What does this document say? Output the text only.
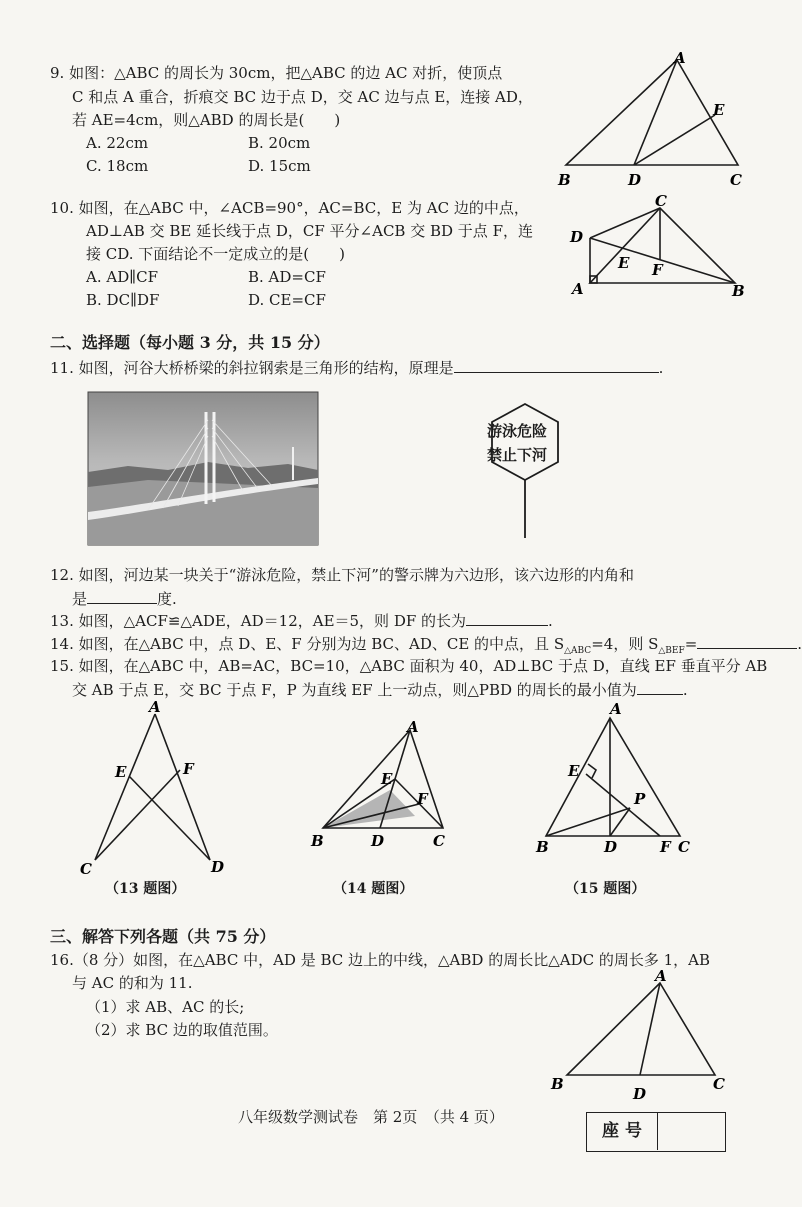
9. 如图：△ABC 的周长为 30cm，把△ABC 的边 AC 对折，使顶点
C 和点 A 重合，折痕交 BC 边于点 D，交 AC 边与点 E，连接 AD，
若 AE=4cm，则△ABD 的周长是(　　)
A. 22cm	B. 20cm
C. 18cm	D. 15cm
A
B	D	C
E
10. 如图，在△ABC 中，∠ACB=90°，AC=BC，E 为 AC 边的中点，
AD⊥AB 交 BE 延长线于点 D，CF 平分∠ACB 交 BD 于点 F，连
接 CD. 下面结论不一定成立的是(　　)
A. AD∥CF	B. AD=CF
B. DC∥DF	D. CE=CF
C
D
E F
A	B
二、选择题（每小题 3 分，共 15 分）
11. 如图，河谷大桥桥梁的斜拉钢索是三角形的结构，原理是	.
游泳危险
禁止下河
12. 如图，河边某一块关于“游泳危险，禁止下河”的警示牌为六边形，该六边形的内角和
是	度.
13. 如图，△ACF≌△ADE，AD＝12，AE＝5，则 DF 的长为	.
14. 如图，在△ABC 中，点 D、E、F 分别为边 BC、AD、CE 的中点，且 $S_{\triangle ABC}=4$，则 $S_{\triangle BEF}=$	.
15. 如图，在△ABC 中，AB=AC，BC=10，△ABC 面积为 40，AD⊥BC 于点 D，直线 EF 垂直平分 AB
交 AB 于点 E，交 BC 于点 F，P 为直线 EF 上一动点，则△PBD 的周长的最小值为	.
A
E	F
C	D
（13 题图）
A
E
F
B	D	C
（14 题图）
A
E
P
B	D	F C
（15 题图）
三、解答下列各题（共 75 分）
16.（8 分）如图，在△ABC 中，AD 是 BC 边上的中线，△ABD 的周长比△ADC 的周长多 1，AB
与 AC 的和为 11.
（1）求 AB、AC 的长;
（2）求 BC 边的取值范围。
A
B
D
C
八年级数学测试卷　第 2页　（共 4 页）
座 号
